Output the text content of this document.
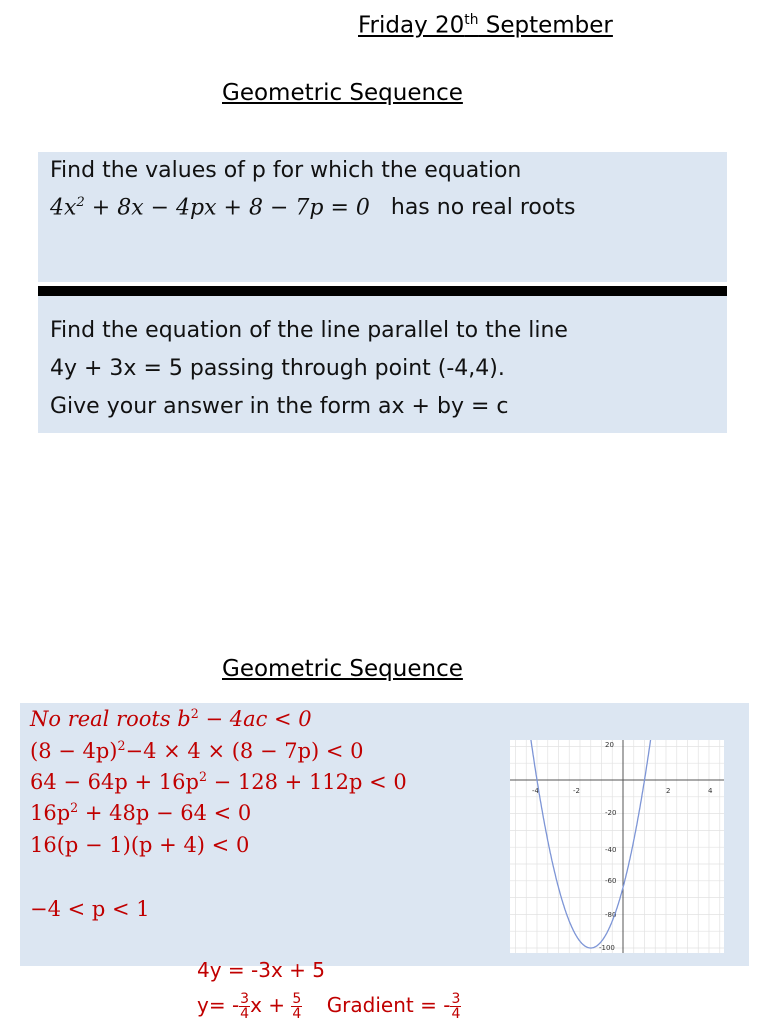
Friday 20th September
Geometric Sequence
Find the values of p for which the equation
$4x^2 + 8x - 4px + 8 - 7p = 0$ has no real roots
Find the equation of the line parallel to the line
4y + 3x = 5 passing through point (-4,4).
Give your answer in the form ax + by = c
Geometric Sequence
No real roots $b^2 - 4ac < 0$
$(8 - 4p)^2-4 \times 4 \times (8 - 7p) < 0$
$64 - 64p + 16p^2 - 128 + 112p < 0$
$16p^2 + 48p - 64 < 0$
16(p − 1)(p + 4) < 0
−4 < p < 1
-4	-2	2	4
20
-20
-40
-60
-80
-100
4y = -3x + 5
$y= - \frac{3}{4}$ $x + \frac{5}{4}$ Gradient = - $\frac{3}{4}$
